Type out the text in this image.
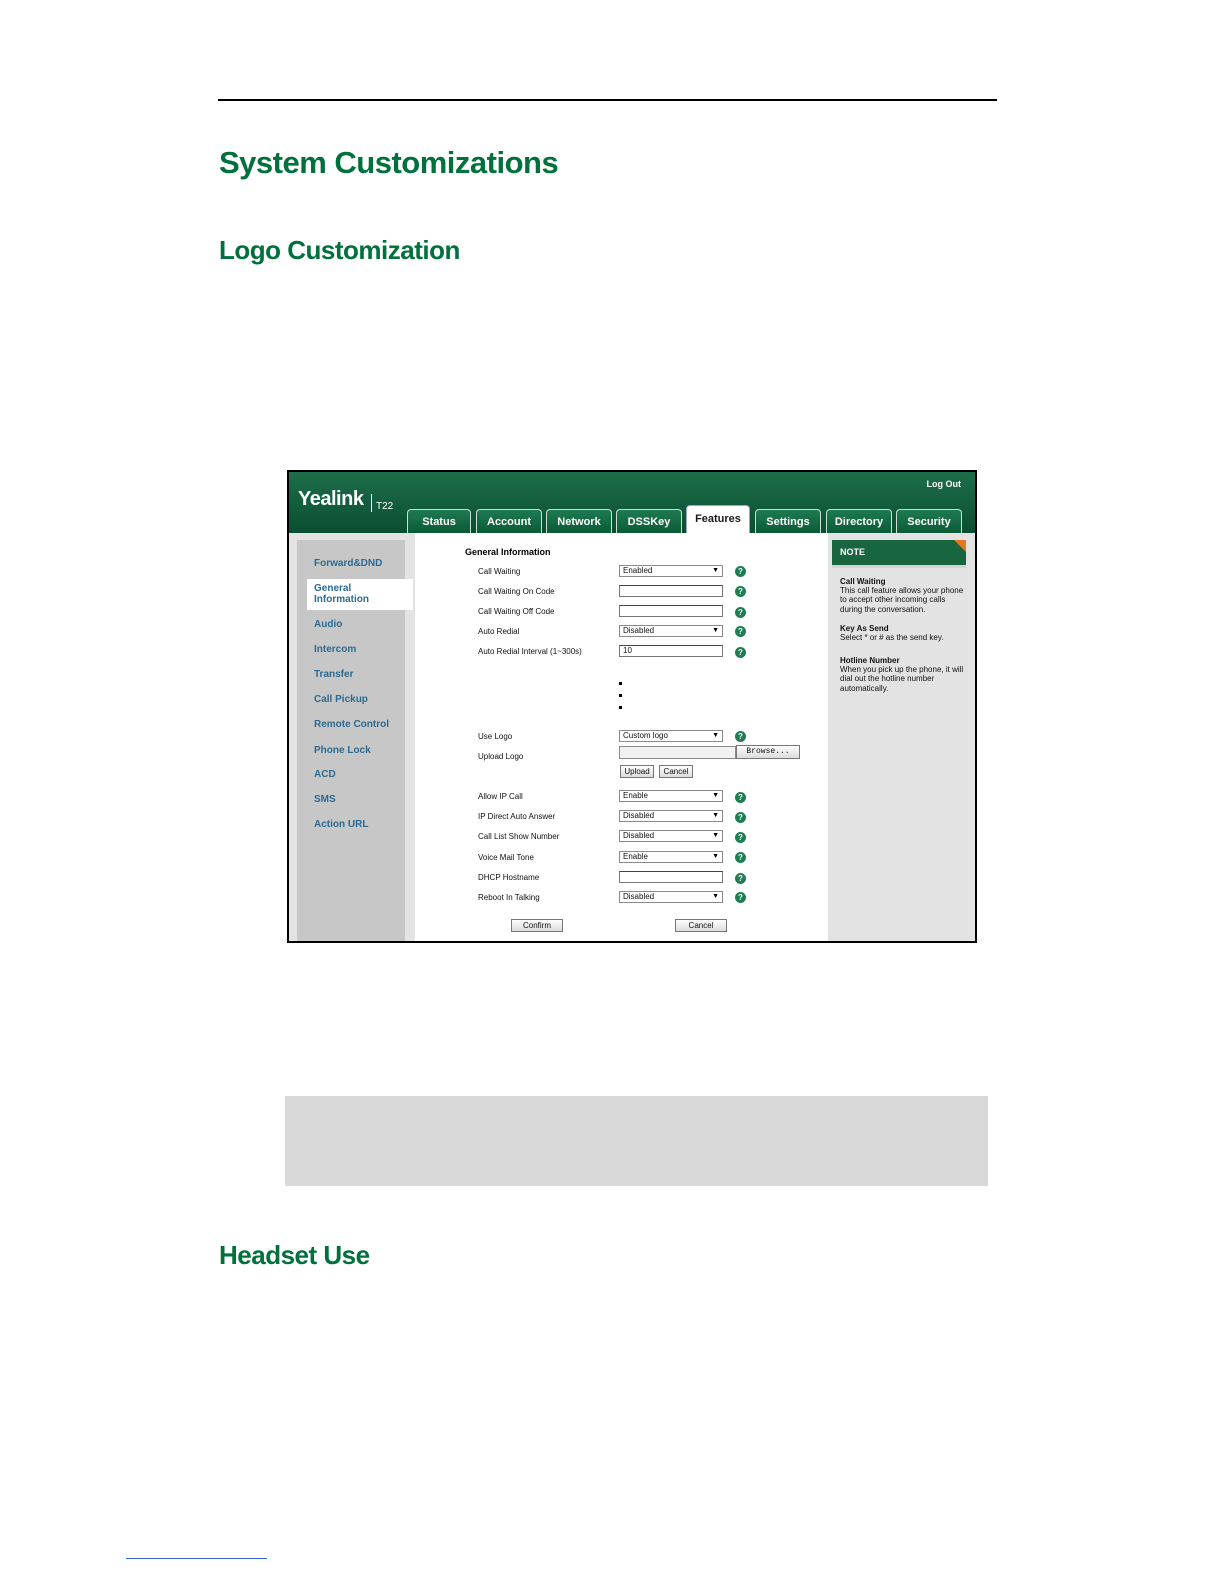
System Customizations
Logo Customization
Yealink T22
Log Out
Status	Account	Network	DSSKey	Features	Settings	Directory	Security
Forward&DND
General
Information
Audio
Intercom
Transfer
Call Pickup
Remote Control
Phone Lock
ACD
SMS
Action URL
General Information
Call Waiting	Enabled	▼	?
Call Waiting On Code	?
Call Waiting Off Code	?
Auto Redial	Disabled	▼	?
Auto Redial Interval (1~300s)	10	?
Use Logo	Custom logo	▼	?
Upload Logo
Browse...
Upload	Cancel
Allow IP Call	Enable	▼	?
IP Direct Auto Answer	Disabled	▼	?
Call List Show Number	Disabled	▼	?
Voice Mail Tone	Enable	▼	?
DHCP Hostname	?
Reboot In Talking	Disabled	▼	?
Confirm	Cancel
NOTE
Call Waiting
This call feature allows your phone to accept other incoming calls during the conversation.
Key As Send
Select * or # as the send key.
Hotline Number
When you pick up the phone, it will dial out the hotline number automatically.
Headset Use
